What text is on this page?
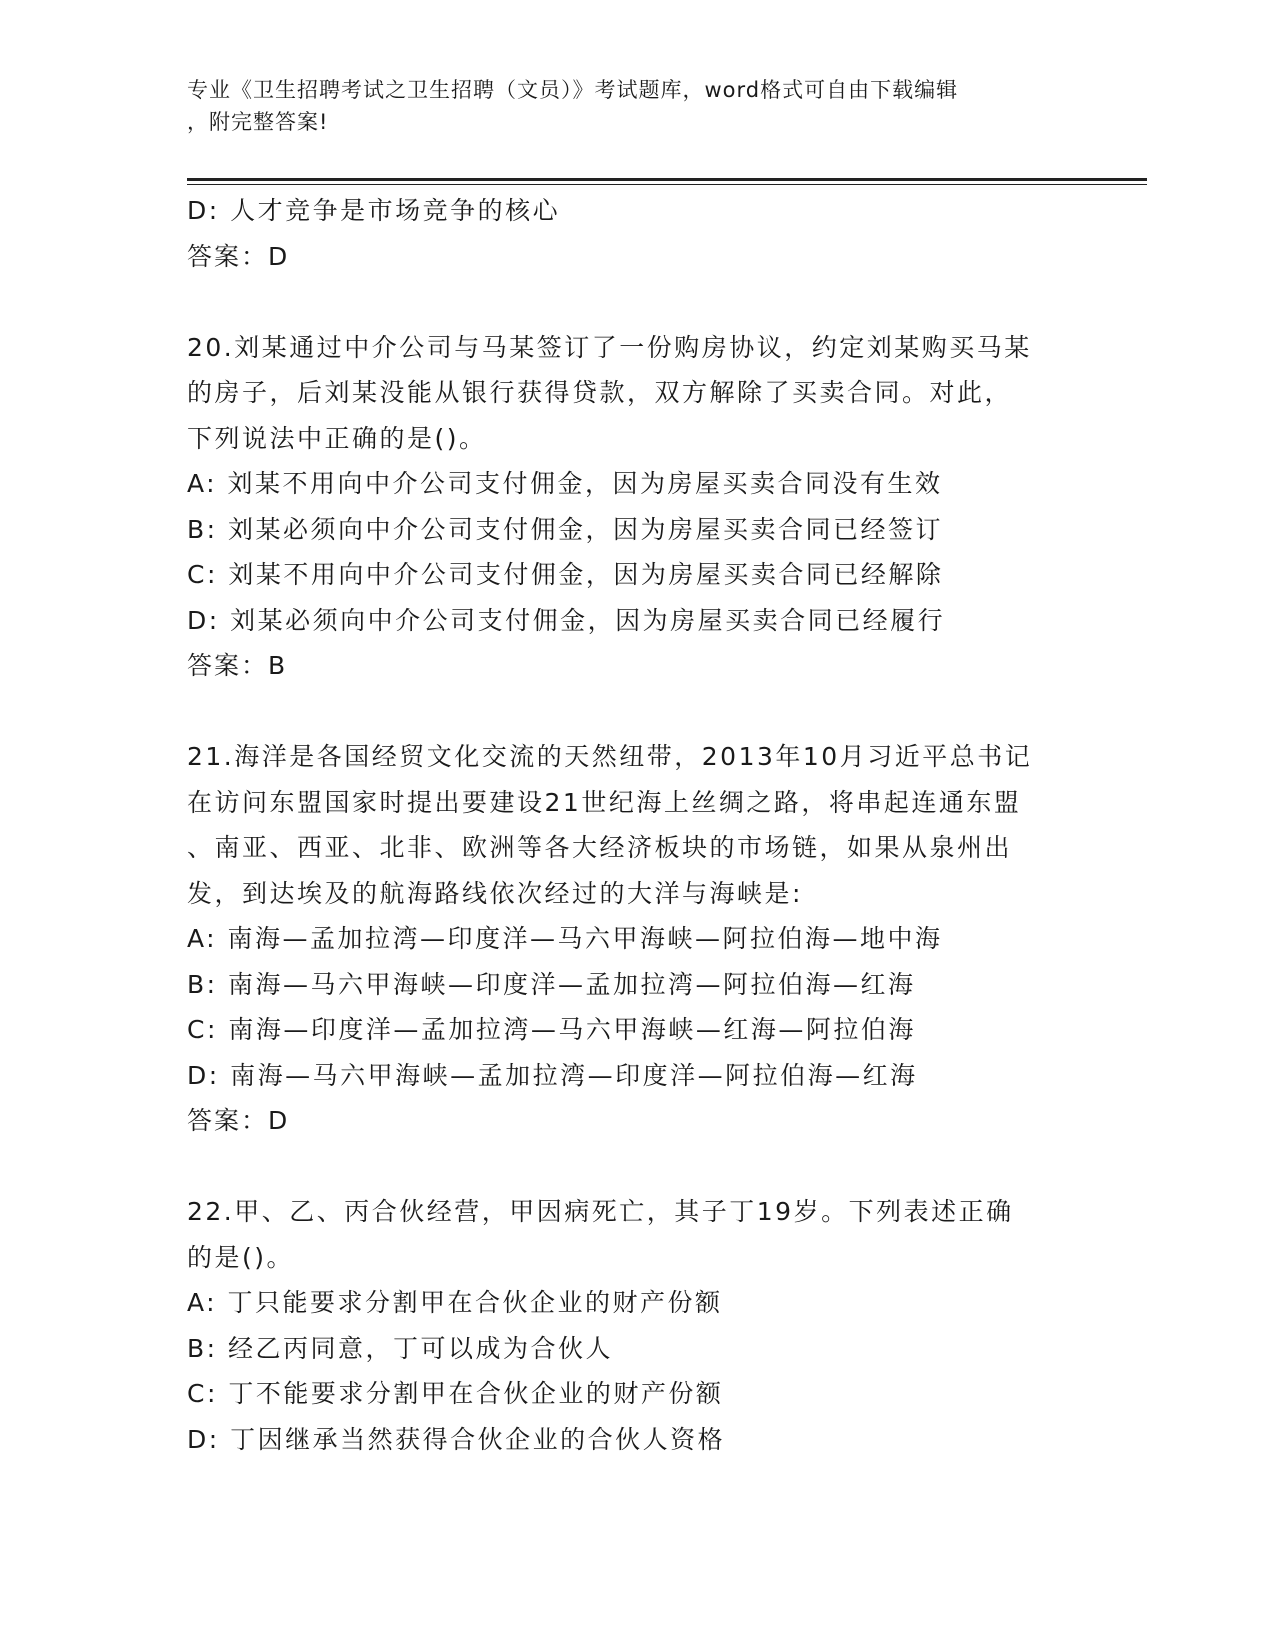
专业《卫生招聘考试之卫生招聘（文员）》考试题库，word格式可自由下载编辑
，附完整答案!
D: 人才竞争是市场竞争的核心
答案：D
20.刘某通过中介公司与马某签订了一份购房协议，约定刘某购买马某
的房子，后刘某没能从银行获得贷款，双方解除了买卖合同。对此，
下列说法中正确的是()。
A: 刘某不用向中介公司支付佣金，因为房屋买卖合同没有生效
B: 刘某必须向中介公司支付佣金，因为房屋买卖合同已经签订
C: 刘某不用向中介公司支付佣金，因为房屋买卖合同已经解除
D: 刘某必须向中介公司支付佣金，因为房屋买卖合同已经履行
答案：B
21.海洋是各国经贸文化交流的天然纽带，2013年10月习近平总书记
在访问东盟国家时提出要建设21世纪海上丝绸之路，将串起连通东盟
、南亚、西亚、北非、欧洲等各大经济板块的市场链，如果从泉州出
发，到达埃及的航海路线依次经过的大洋与海峡是:
A: 南海—孟加拉湾—印度洋—马六甲海峡—阿拉伯海—地中海
B: 南海—马六甲海峡—印度洋—孟加拉湾—阿拉伯海—红海
C: 南海—印度洋—孟加拉湾—马六甲海峡—红海—阿拉伯海
D: 南海—马六甲海峡—孟加拉湾—印度洋—阿拉伯海—红海
答案：D
22.甲、乙、丙合伙经营，甲因病死亡，其子丁19岁。下列表述正确
的是()。
A: 丁只能要求分割甲在合伙企业的财产份额
B: 经乙丙同意，丁可以成为合伙人
C: 丁不能要求分割甲在合伙企业的财产份额
D: 丁因继承当然获得合伙企业的合伙人资格
